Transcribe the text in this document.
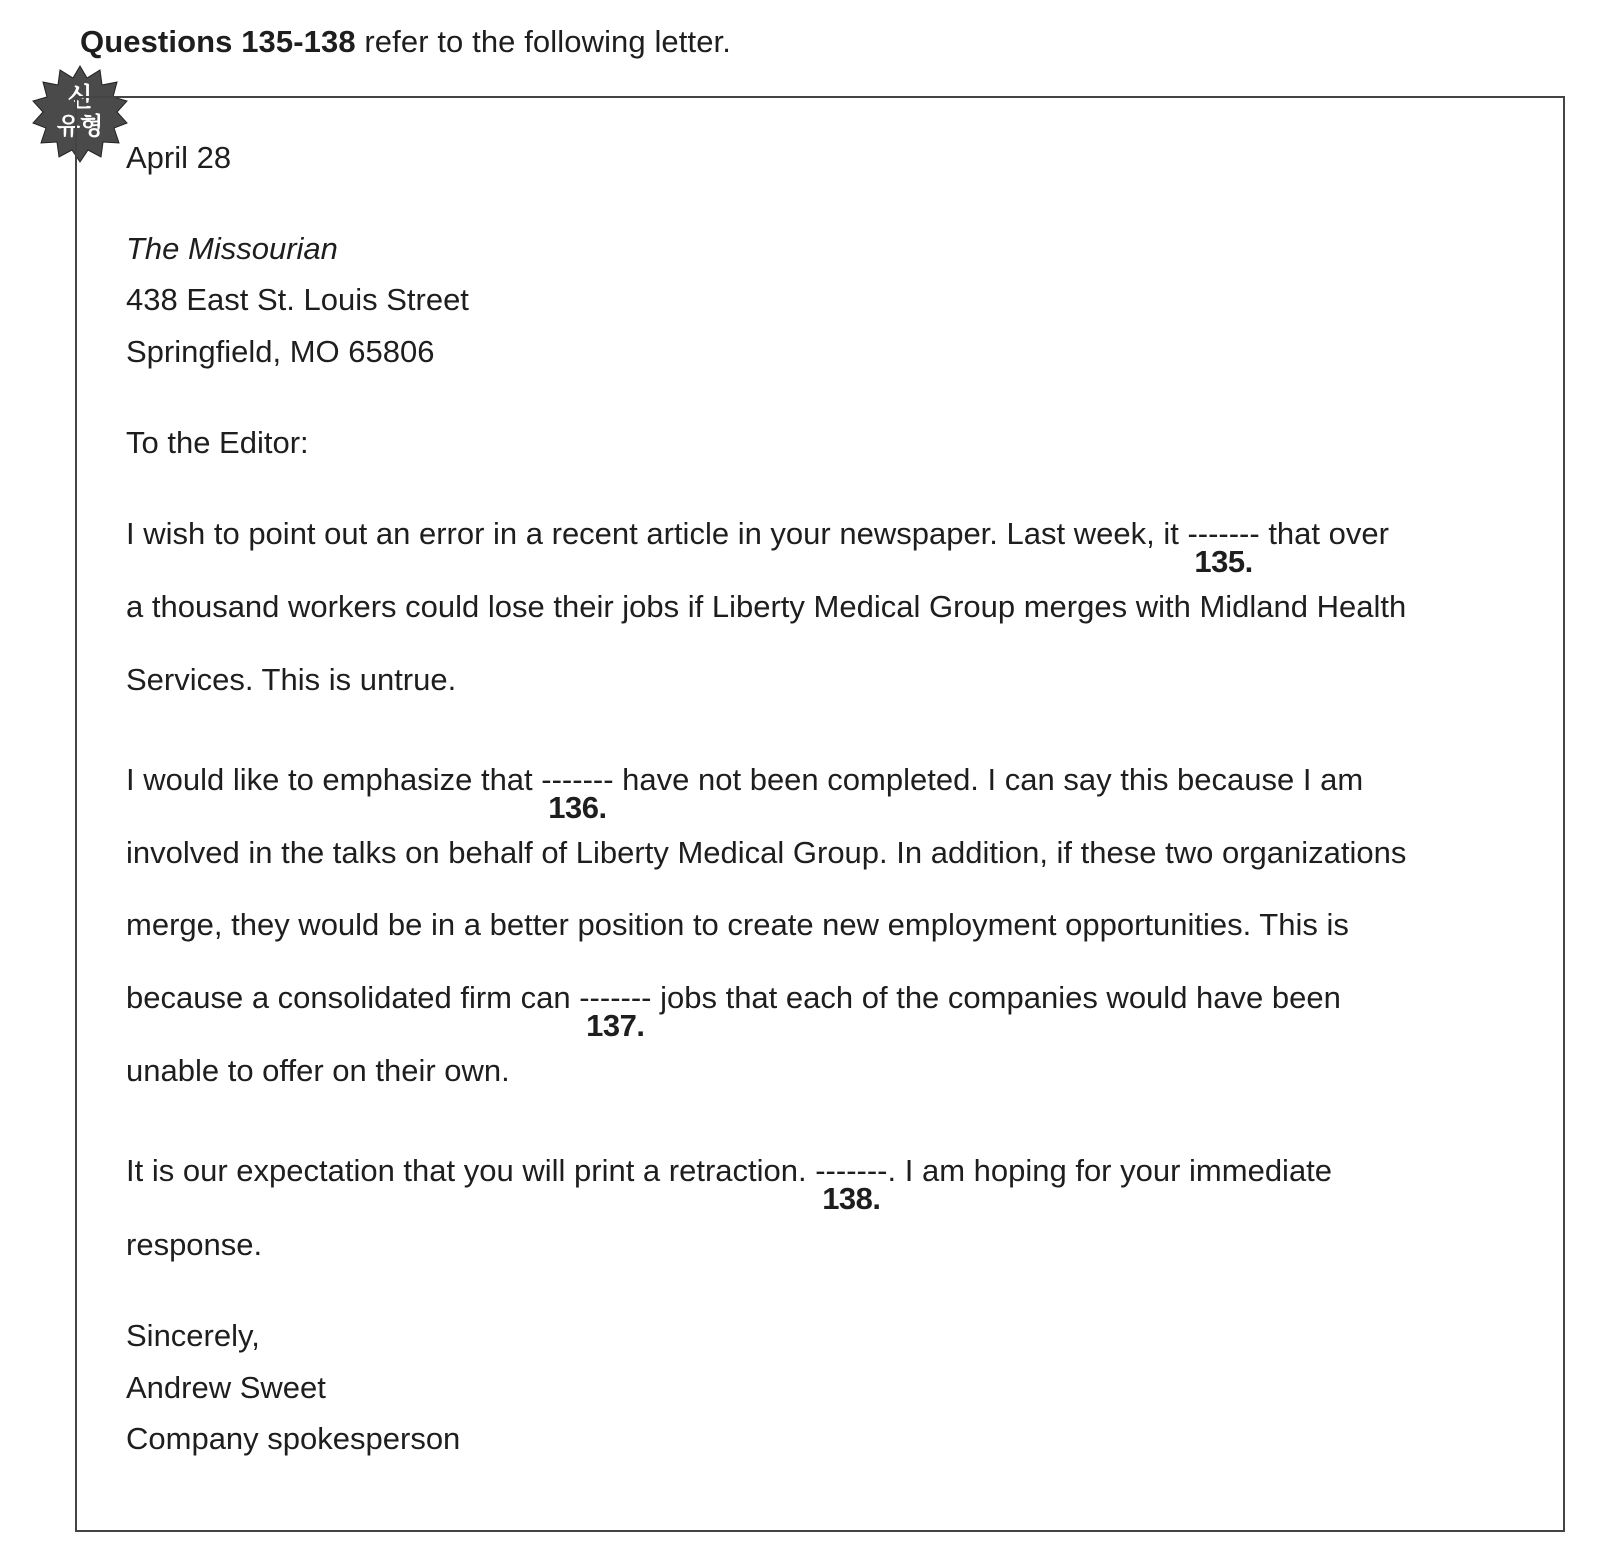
Questions 135-138 refer to the following letter.
신
유형
April 28
The Missourian
438 East St. Louis Street
Springfield, MO 65806
To the Editor:
I wish to point out an error in a recent article in your newspaper. Last week, it -------
135.
that over
a thousand workers could lose their jobs if Liberty Medical Group merges with Midland Health
Services. This is untrue.
I would like to emphasize that -------
136.
have not been completed. I can say this because I am
involved in the talks on behalf of Liberty Medical Group. In addition, if these two organizations
merge, they would be in a better position to create new employment opportunities. This is
because a consolidated firm can -------
137.
jobs that each of the companies would have been
unable to offer on their own.
It is our expectation that you will print a retraction. -------
138.
. I am hoping for your immediate
response.
Sincerely,
Andrew Sweet
Company spokesperson
